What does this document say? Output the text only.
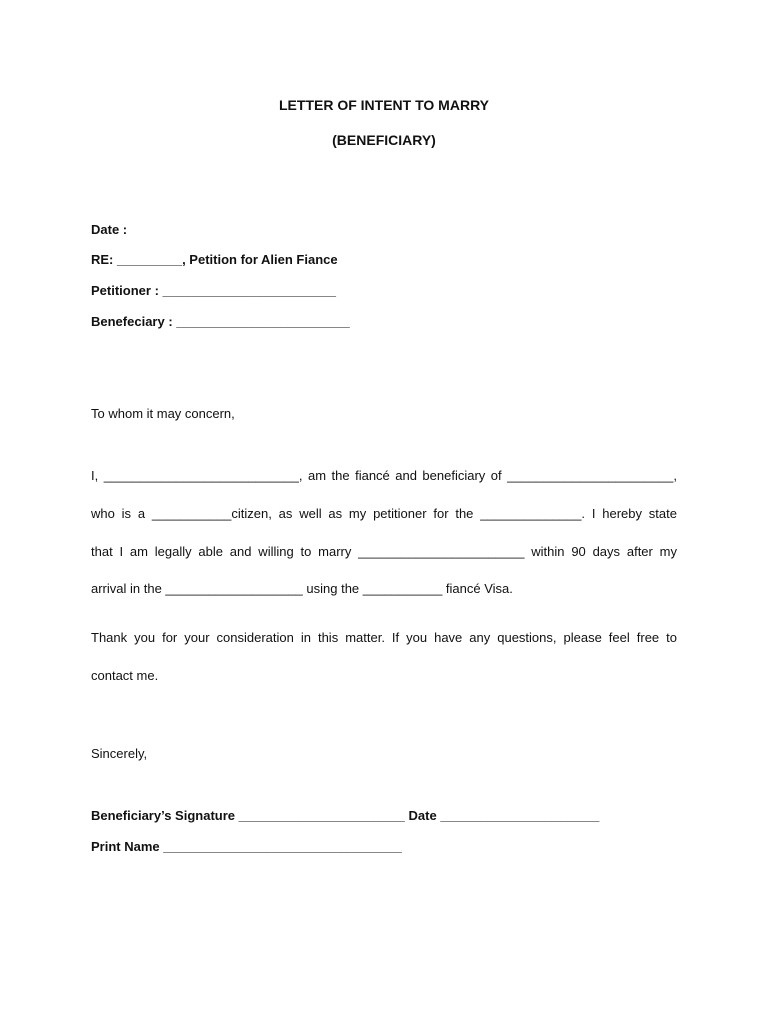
LETTER OF INTENT TO MARRY
(BENEFICIARY)
Date :
RE: _________, Petition for Alien Fiance
Petitioner : ________________________
Benefeciary : ________________________
To whom it may concern,
I, ___________________________, am the fiancé and beneficiary of _______________________,
who is a ___________citizen, as well as my petitioner for the ______________. I hereby state
that I am legally able and willing to marry _______________________ within 90 days after my
arrival in the ___________________ using the ___________ fiancé Visa.
Thank you for your consideration in this matter. If you have any questions, please feel free to
contact me.
Sincerely,
Beneficiary’s Signature _______________________ Date ______________________
Print Name _________________________________
